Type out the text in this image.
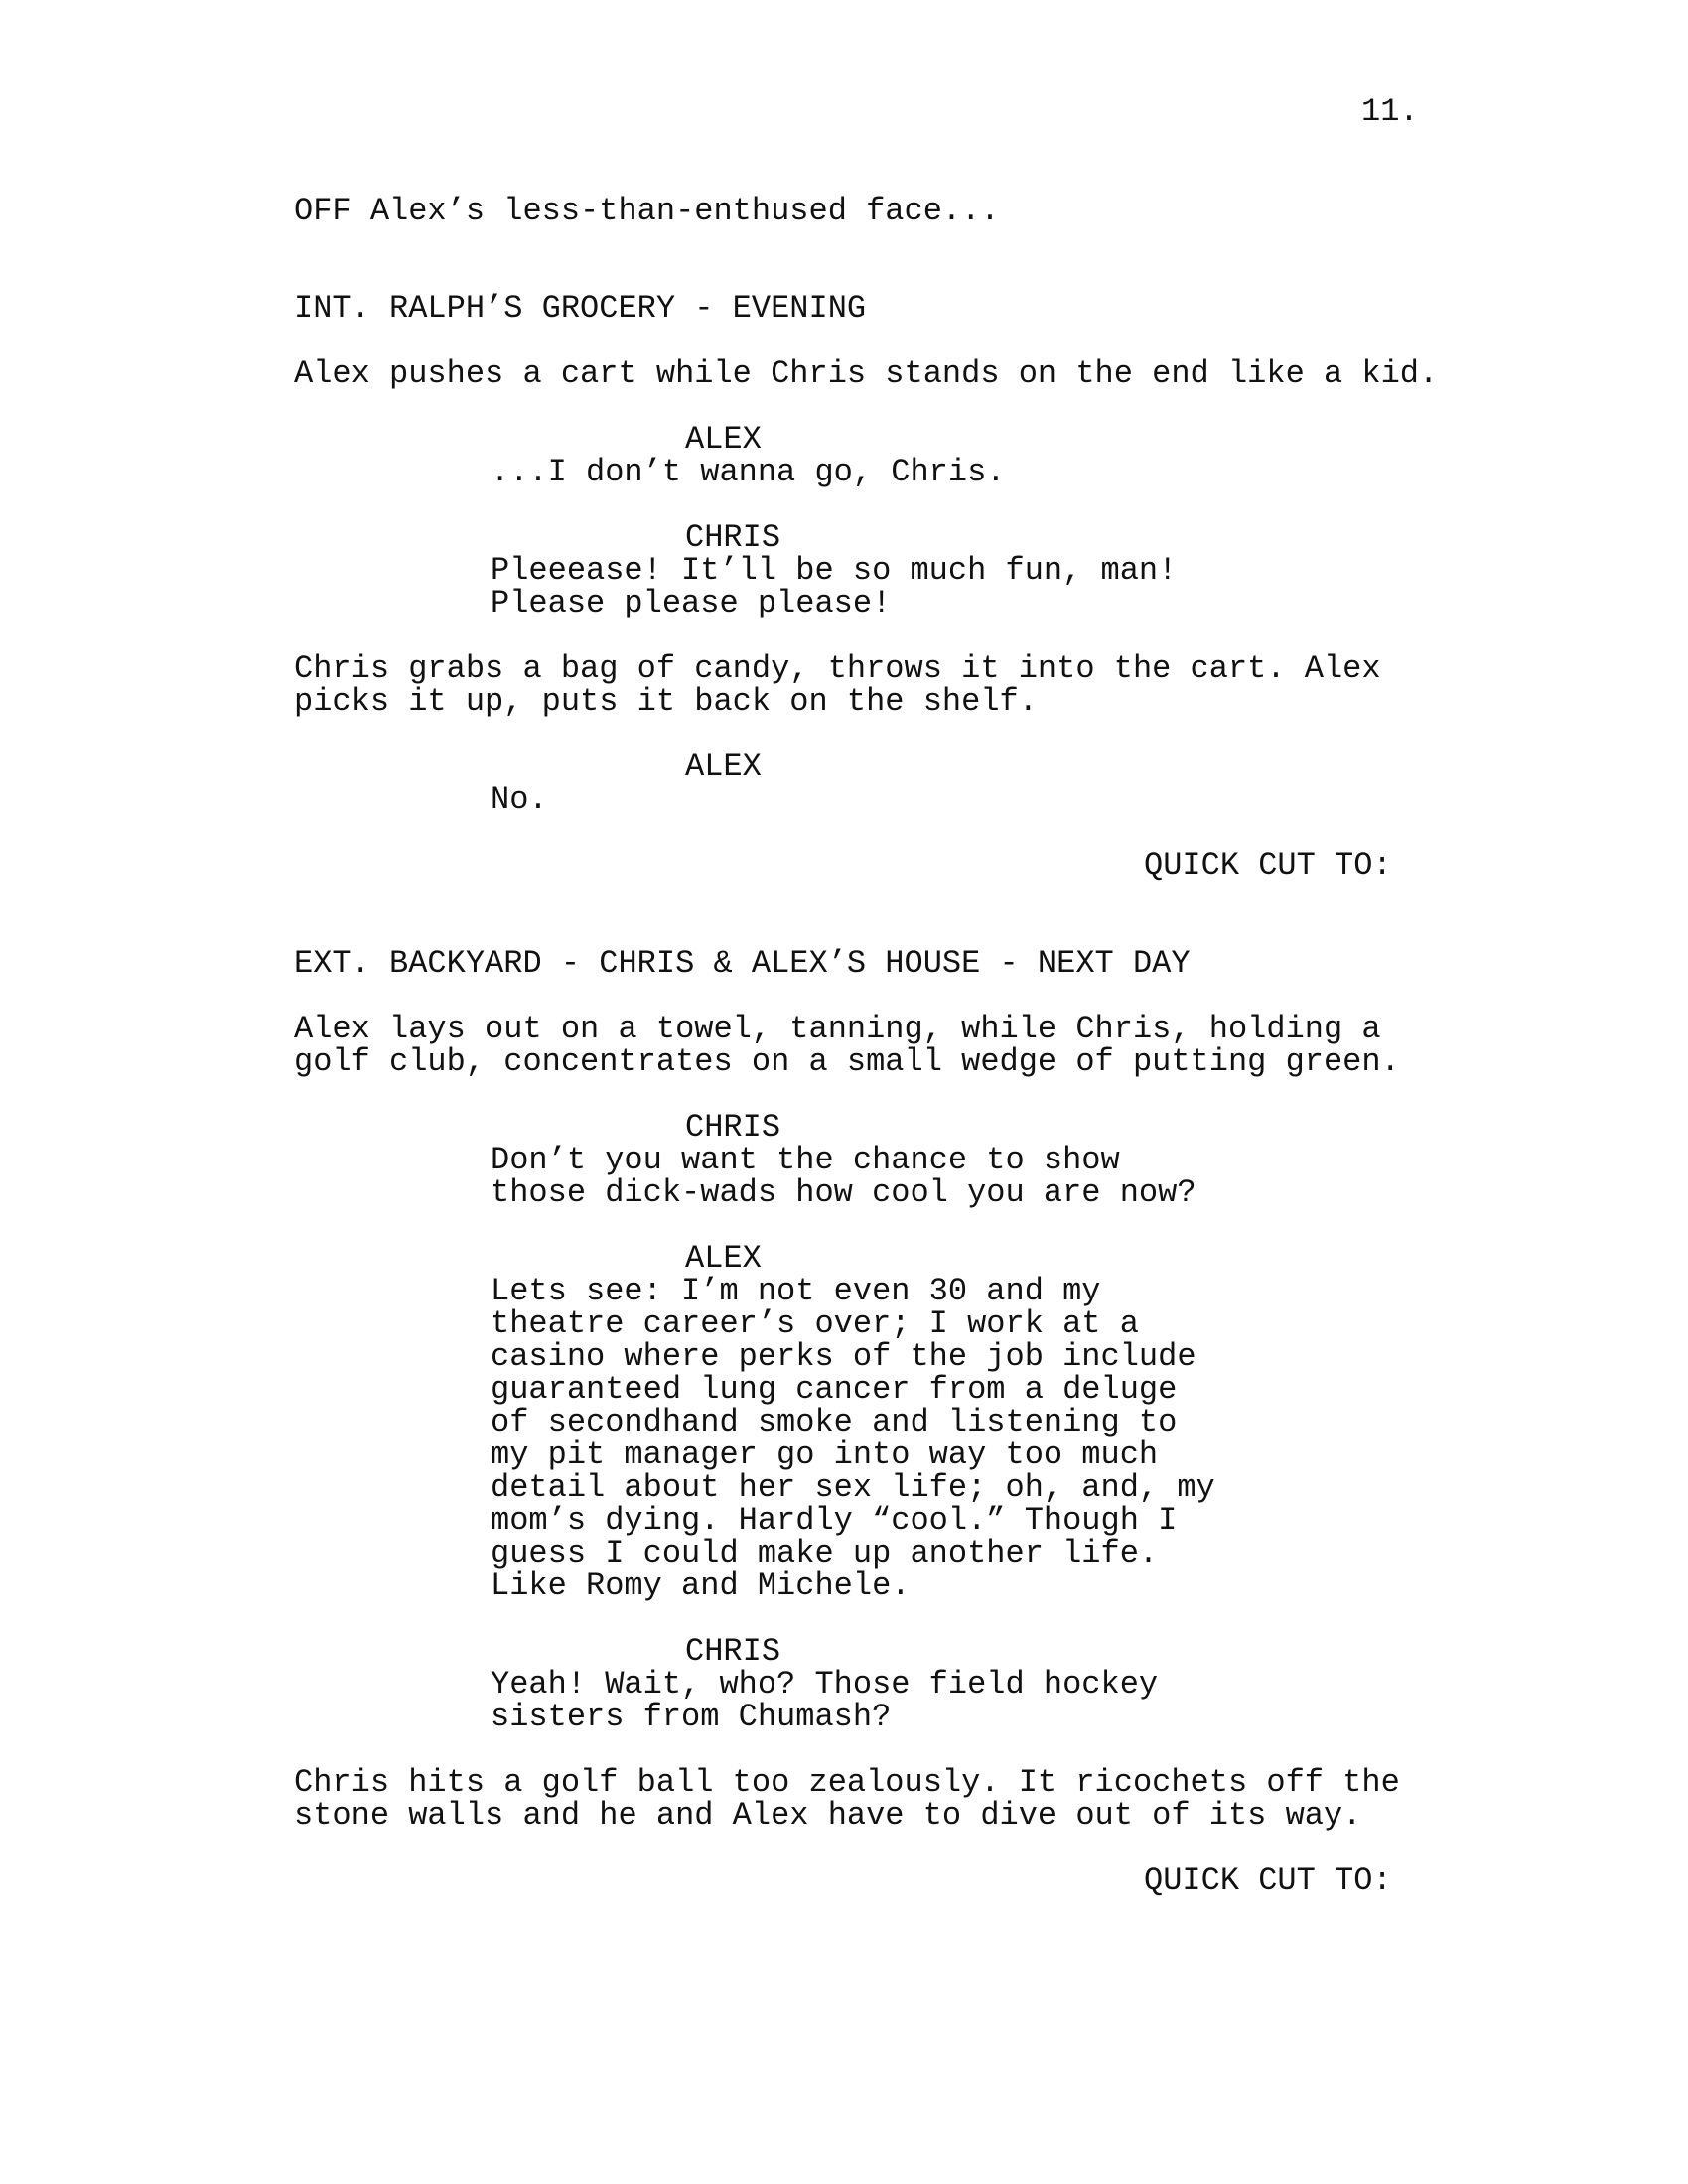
11.
OFF Alex’s less-than-enthused face...
INT. RALPH’S GROCERY - EVENING
Alex pushes a cart while Chris stands on the end like a kid.
ALEX
...I don’t wanna go, Chris.
CHRIS
Pleeease! It’ll be so much fun, man!
Please please please!
Chris grabs a bag of candy, throws it into the cart. Alex
picks it up, puts it back on the shelf.
ALEX
No.
QUICK CUT TO:
EXT. BACKYARD - CHRIS & ALEX’S HOUSE - NEXT DAY
Alex lays out on a towel, tanning, while Chris, holding a
golf club, concentrates on a small wedge of putting green.
CHRIS
Don’t you want the chance to show
those dick-wads how cool you are now?
ALEX
Lets see: I’m not even 30 and my
theatre career’s over; I work at a
casino where perks of the job include
guaranteed lung cancer from a deluge
of secondhand smoke and listening to
my pit manager go into way too much
detail about her sex life; oh, and, my
mom’s dying. Hardly “cool.” Though I
guess I could make up another life.
Like Romy and Michele.
CHRIS
Yeah! Wait, who? Those field hockey
sisters from Chumash?
Chris hits a golf ball too zealously. It ricochets off the
stone walls and he and Alex have to dive out of its way.
QUICK CUT TO:
